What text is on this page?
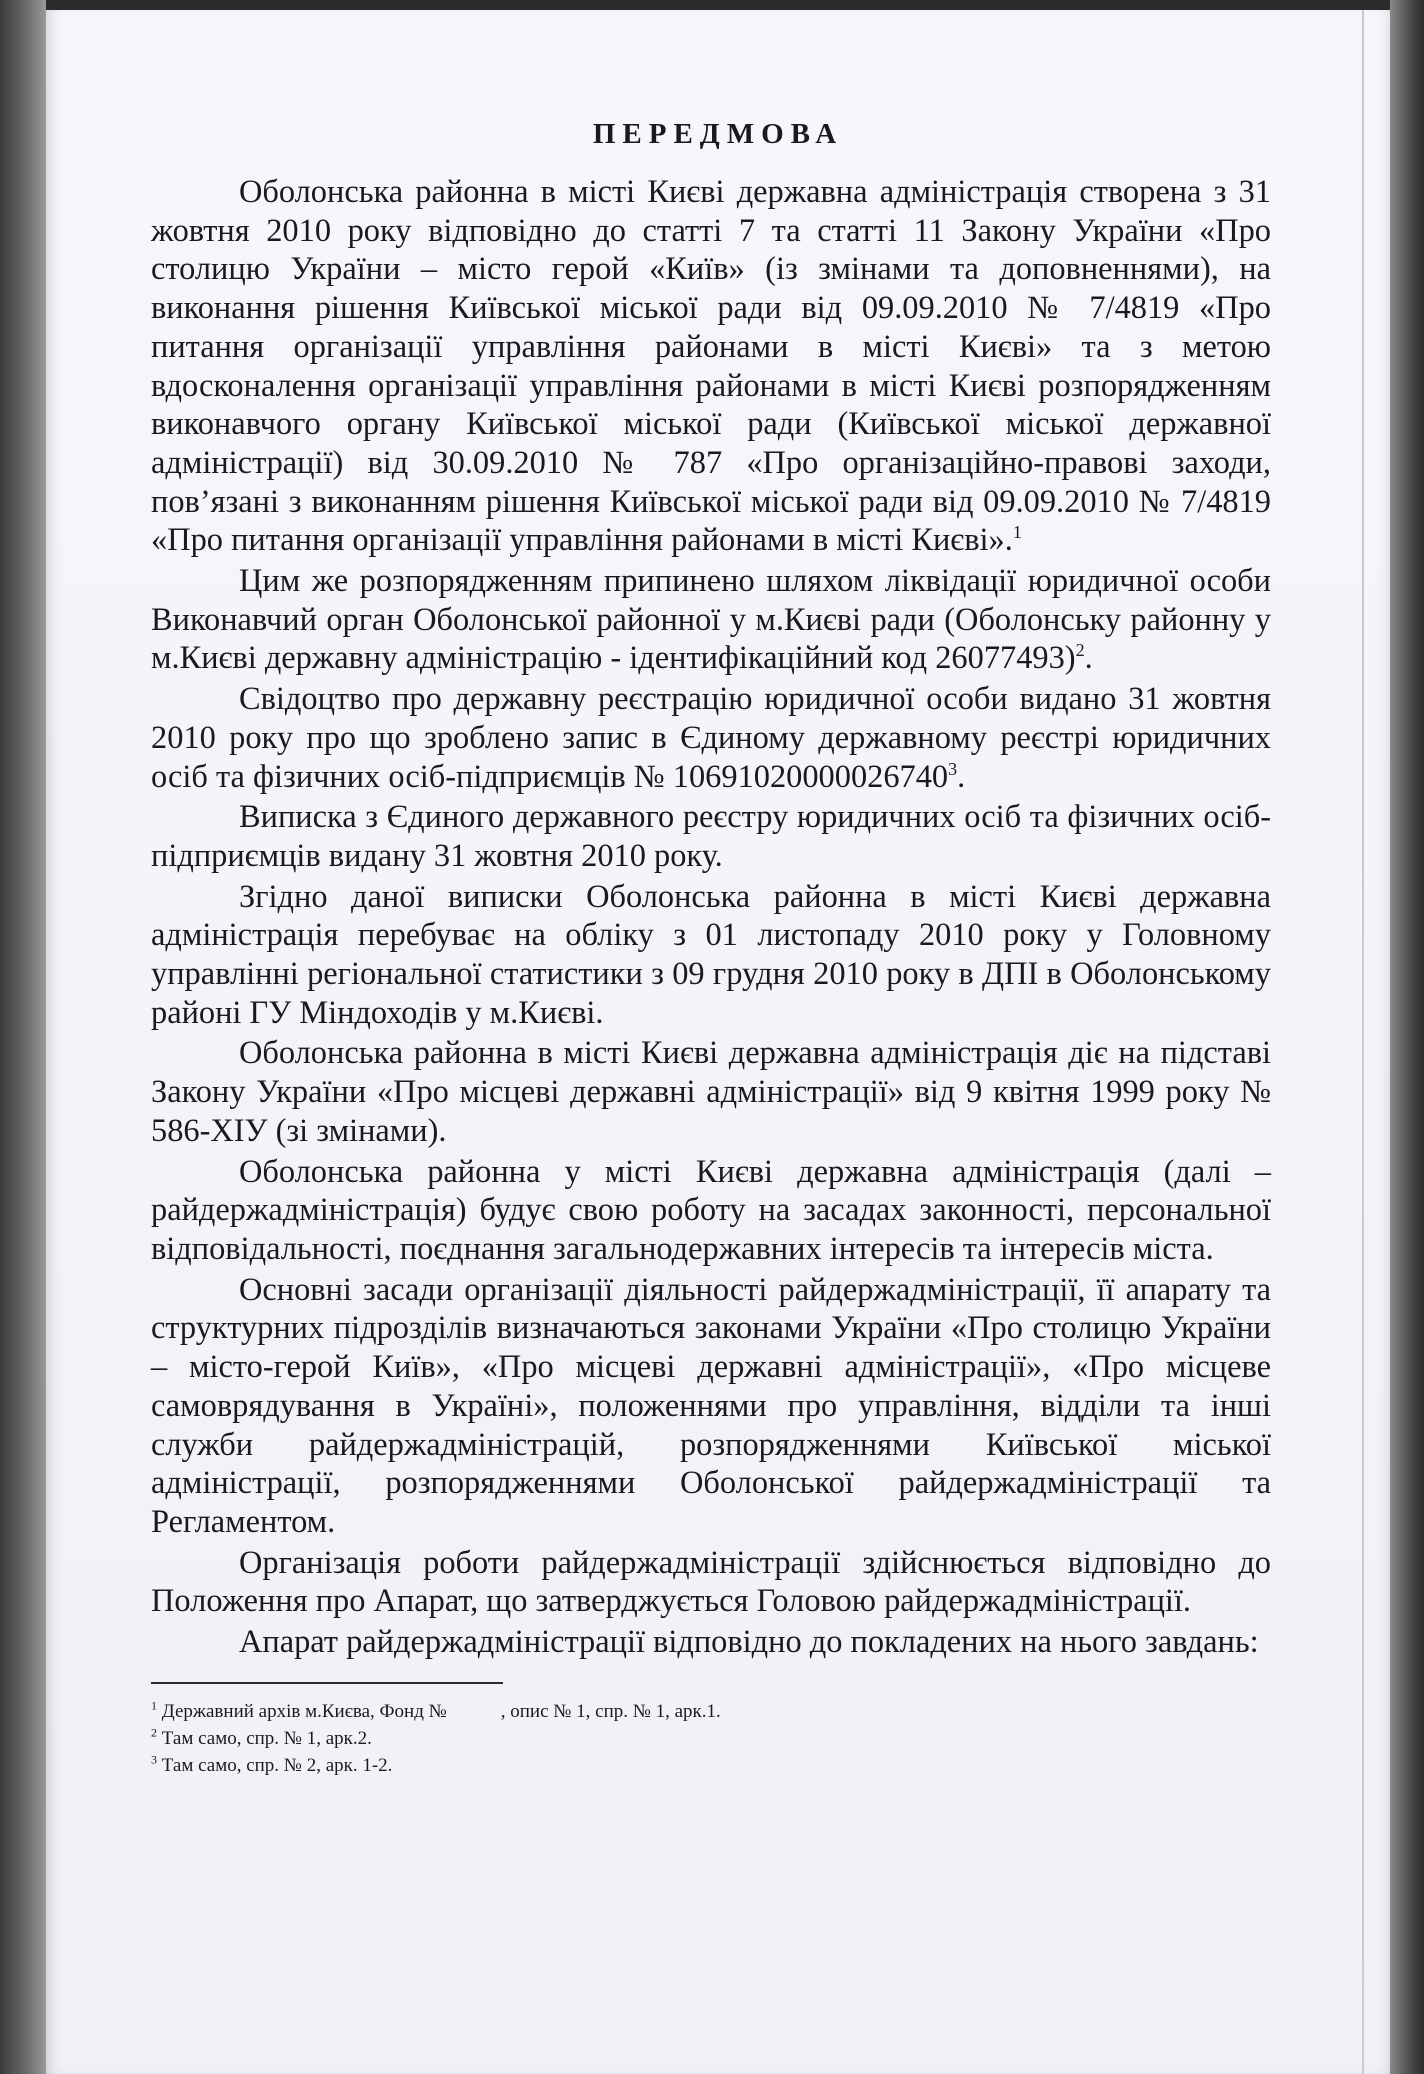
ПЕРЕДМОВА

Оболонська районна в місті Києві державна адміністрація створена з 31 жовтня 2010 року відповідно до статті 7 та статті 11 Закону України «Про столицю України – місто герой «Київ» (із змінами та доповненнями), на виконання рішення Київської міської ради від 09.09.2010 № 7/4819 «Про питання організації управління районами в місті Києві» та з метою вдосконалення організації управління районами в місті Києві розпорядженням виконавчого органу Київської міської ради (Київської міської державної адміністрації) від 30.09.2010 № 787 «Про організаційно-правові заходи, пов’язані з виконанням рішення Київської міської ради від 09.09.2010 № 7/4819 «Про питання організації управління районами в місті Києві».$^1$

Цим же розпорядженням припинено шляхом ліквідації юридичної особи Виконавчий орган Оболонської районної у м.Києві ради (Оболонську районну у м.Києві державну адміністрацію - ідентифікаційний код 26077493)$^2$.

Свідоцтво про державну реєстрацію юридичної особи видано 31 жовтня 2010 року про що зроблено запис в Єдиному державному реєстрі юридичних осіб та фізичних осіб-підприємців № 10691020000026740$^3$.

Виписка з Єдиного державного реєстру юридичних осіб та фізичних осіб-підприємців видану 31 жовтня 2010 року.

Згідно даної виписки Оболонська районна в місті Києві державна адміністрація перебуває на обліку з 01 листопаду 2010 року у Головному управлінні регіональної статистики з 09 грудня 2010 року в ДПІ в Оболонському районі ГУ Міндоходів у м.Києві.

Оболонська районна в місті Києві державна адміністрація діє на підставі Закону України «Про місцеві державні адміністрації» від 9 квітня 1999 року № 586-XIУ (зі змінами).

Оболонська районна у місті Києві державна адміністрація (далі – райдержадміністрація) будує свою роботу на засадах законності, персональної відповідальності, поєднання загальнодержавних інтересів та інтересів міста.

Основні засади організації діяльності райдержадміністрації, її апарату та структурних підрозділів визначаються законами України «Про столицю України – місто-герой Київ», «Про місцеві державні адміністрації», «Про місцеве самоврядування в Україні», положеннями про управління, відділи та інші служби райдержадміністрацій, розпорядженнями Київської міської адміністрації, розпорядженнями Оболонської райдержадміністрації та Регламентом.

Організація роботи райдержадміністрації здійснюється відповідно до Положення про Апарат, що затверджується Головою райдержадміністрації.

Апарат райдержадміністрації відповідно до покладених на нього завдань:

$^1$ Державний архів м.Києва, Фонд №	, опис № 1, спр. № 1, арк.1.

$^2$ Там само, спр. № 1, арк.2.

$^3$ Там само, спр. № 2, арк. 1-2.
